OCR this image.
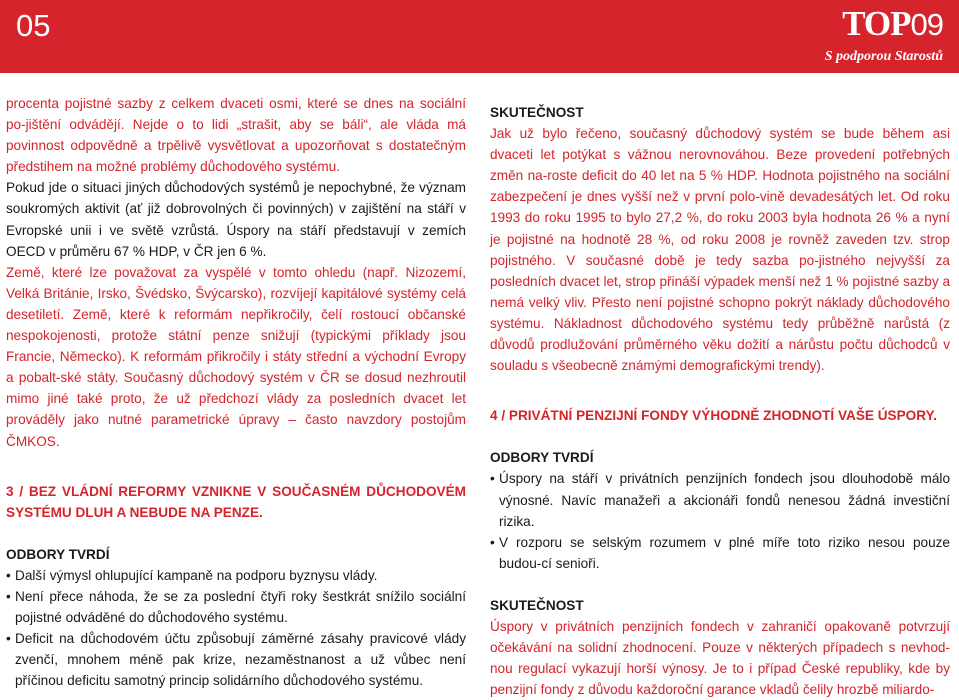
05	TOP09
S podporou Starostů

procenta pojistné sazby z celkem dvaceti osmi, které se dnes na sociální po-jištění odvádějí. Nejde o to lidi „strašit, aby se báli“, ale vláda má povinnost odpovědně a trpělivě vysvětlovat a upozorňovat s dostatečným předstihem na možné problémy důchodového systému.

Pokud jde o situaci jiných důchodových systémů je nepochybné, že význam soukromých aktivit (ať již dobrovolných či povinných) v zajištění na stáří v Evropské unii i ve světě vzrůstá. Úspory na stáří představují v zemích OECD v průměru 67 % HDP, v ČR jen 6 %.

Země, které lze považovat za vyspělé v tomto ohledu (např. Nizozemí, Velká Británie, Irsko, Švédsko, Švýcarsko), rozvíjejí kapitálové systémy celá desetiletí. Země, které k reformám nepřikročily, čelí rostoucí občanské nespokojenosti, protože státní penze snižují (typickými příklady jsou Francie, Německo). K reformám přikročily i státy střední a východní Evropy a pobalt-ské státy. Současný důchodový systém v ČR se dosud nezhroutil mimo jiné také proto, že už předchozí vlády za posledních dvacet let prováděly jako nutné parametrické úpravy – často navzdory postojům ČMKOS.

3 / BEZ VLÁDNÍ REFORMY VZNIKNE V SOUČASNÉM DŮCHODOVÉM SYSTÉMU DLUH A NEBUDE NA PENZE.

ODBORY TVRDÍ

• Další výmysl ohlupující kampaně na podporu byznysu vlády.
• Není přece náhoda, že se za poslední čtyři roky šestkrát snížilo sociální pojistné odváděné do důchodového systému.
• Deficit na důchodovém účtu způsobují záměrné zásahy pravicové vlády zvenčí, mnohem méně pak krize, nezaměstnanost a už vůbec není příčinou deficitu samotný princip solidárního důchodového systému.

SKUTEČNOST

Jak už bylo řečeno, současný důchodový systém se bude během asi dvaceti let potýkat s vážnou nerovnováhou. Beze provedení potřebných změn na-roste deficit do 40 let na 5 % HDP. Hodnota pojistného na sociální zabezpečení je dnes vyšší než v první polo-vině devadesátých let. Od roku 1993 do roku 1995 to bylo 27,2 %, do roku 2003 byla hodnota 26 % a nyní je pojistné na hodnotě 28 %, od roku 2008 je rovněž zaveden tzv. strop pojistného. V současné době je tedy sazba po-jistného nejvyšší za posledních dvacet let, strop přináší výpadek menší než 1 % pojistné sazby a nemá velký vliv. Přesto není pojistné schopno pokrýt náklady důchodového systému. Nákladnost důchodového systému tedy průběžně narůstá (z důvodů prodlužování průměrného věku dožití a nárůstu počtu důchodců v souladu s všeobecně známými demografickými trendy).

4 / PRIVÁTNÍ PENZIJNÍ FONDY VÝHODNĚ ZHODNOTÍ VAŠE ÚSPORY.

ODBORY TVRDÍ

• Úspory na stáří v privátních penzijních fondech jsou dlouhodobě málo výnosné. Navíc manažeři a akcionáři fondů nenesou žádná investiční rizika.
• V rozporu se selským rozumem v plné míře toto riziko nesou pouze budou-cí senioři.

SKUTEČNOST

Úspory v privátních penzijních fondech v zahraničí opakovaně potvrzují očekávání na solidní zhodnocení. Pouze v některých případech s nevhod-nou regulací vykazují horší výnosy. Je to i případ České republiky, kde by penzijní fondy z důvodu každoroční garance vkladů čelily hrozbě miliardo-
